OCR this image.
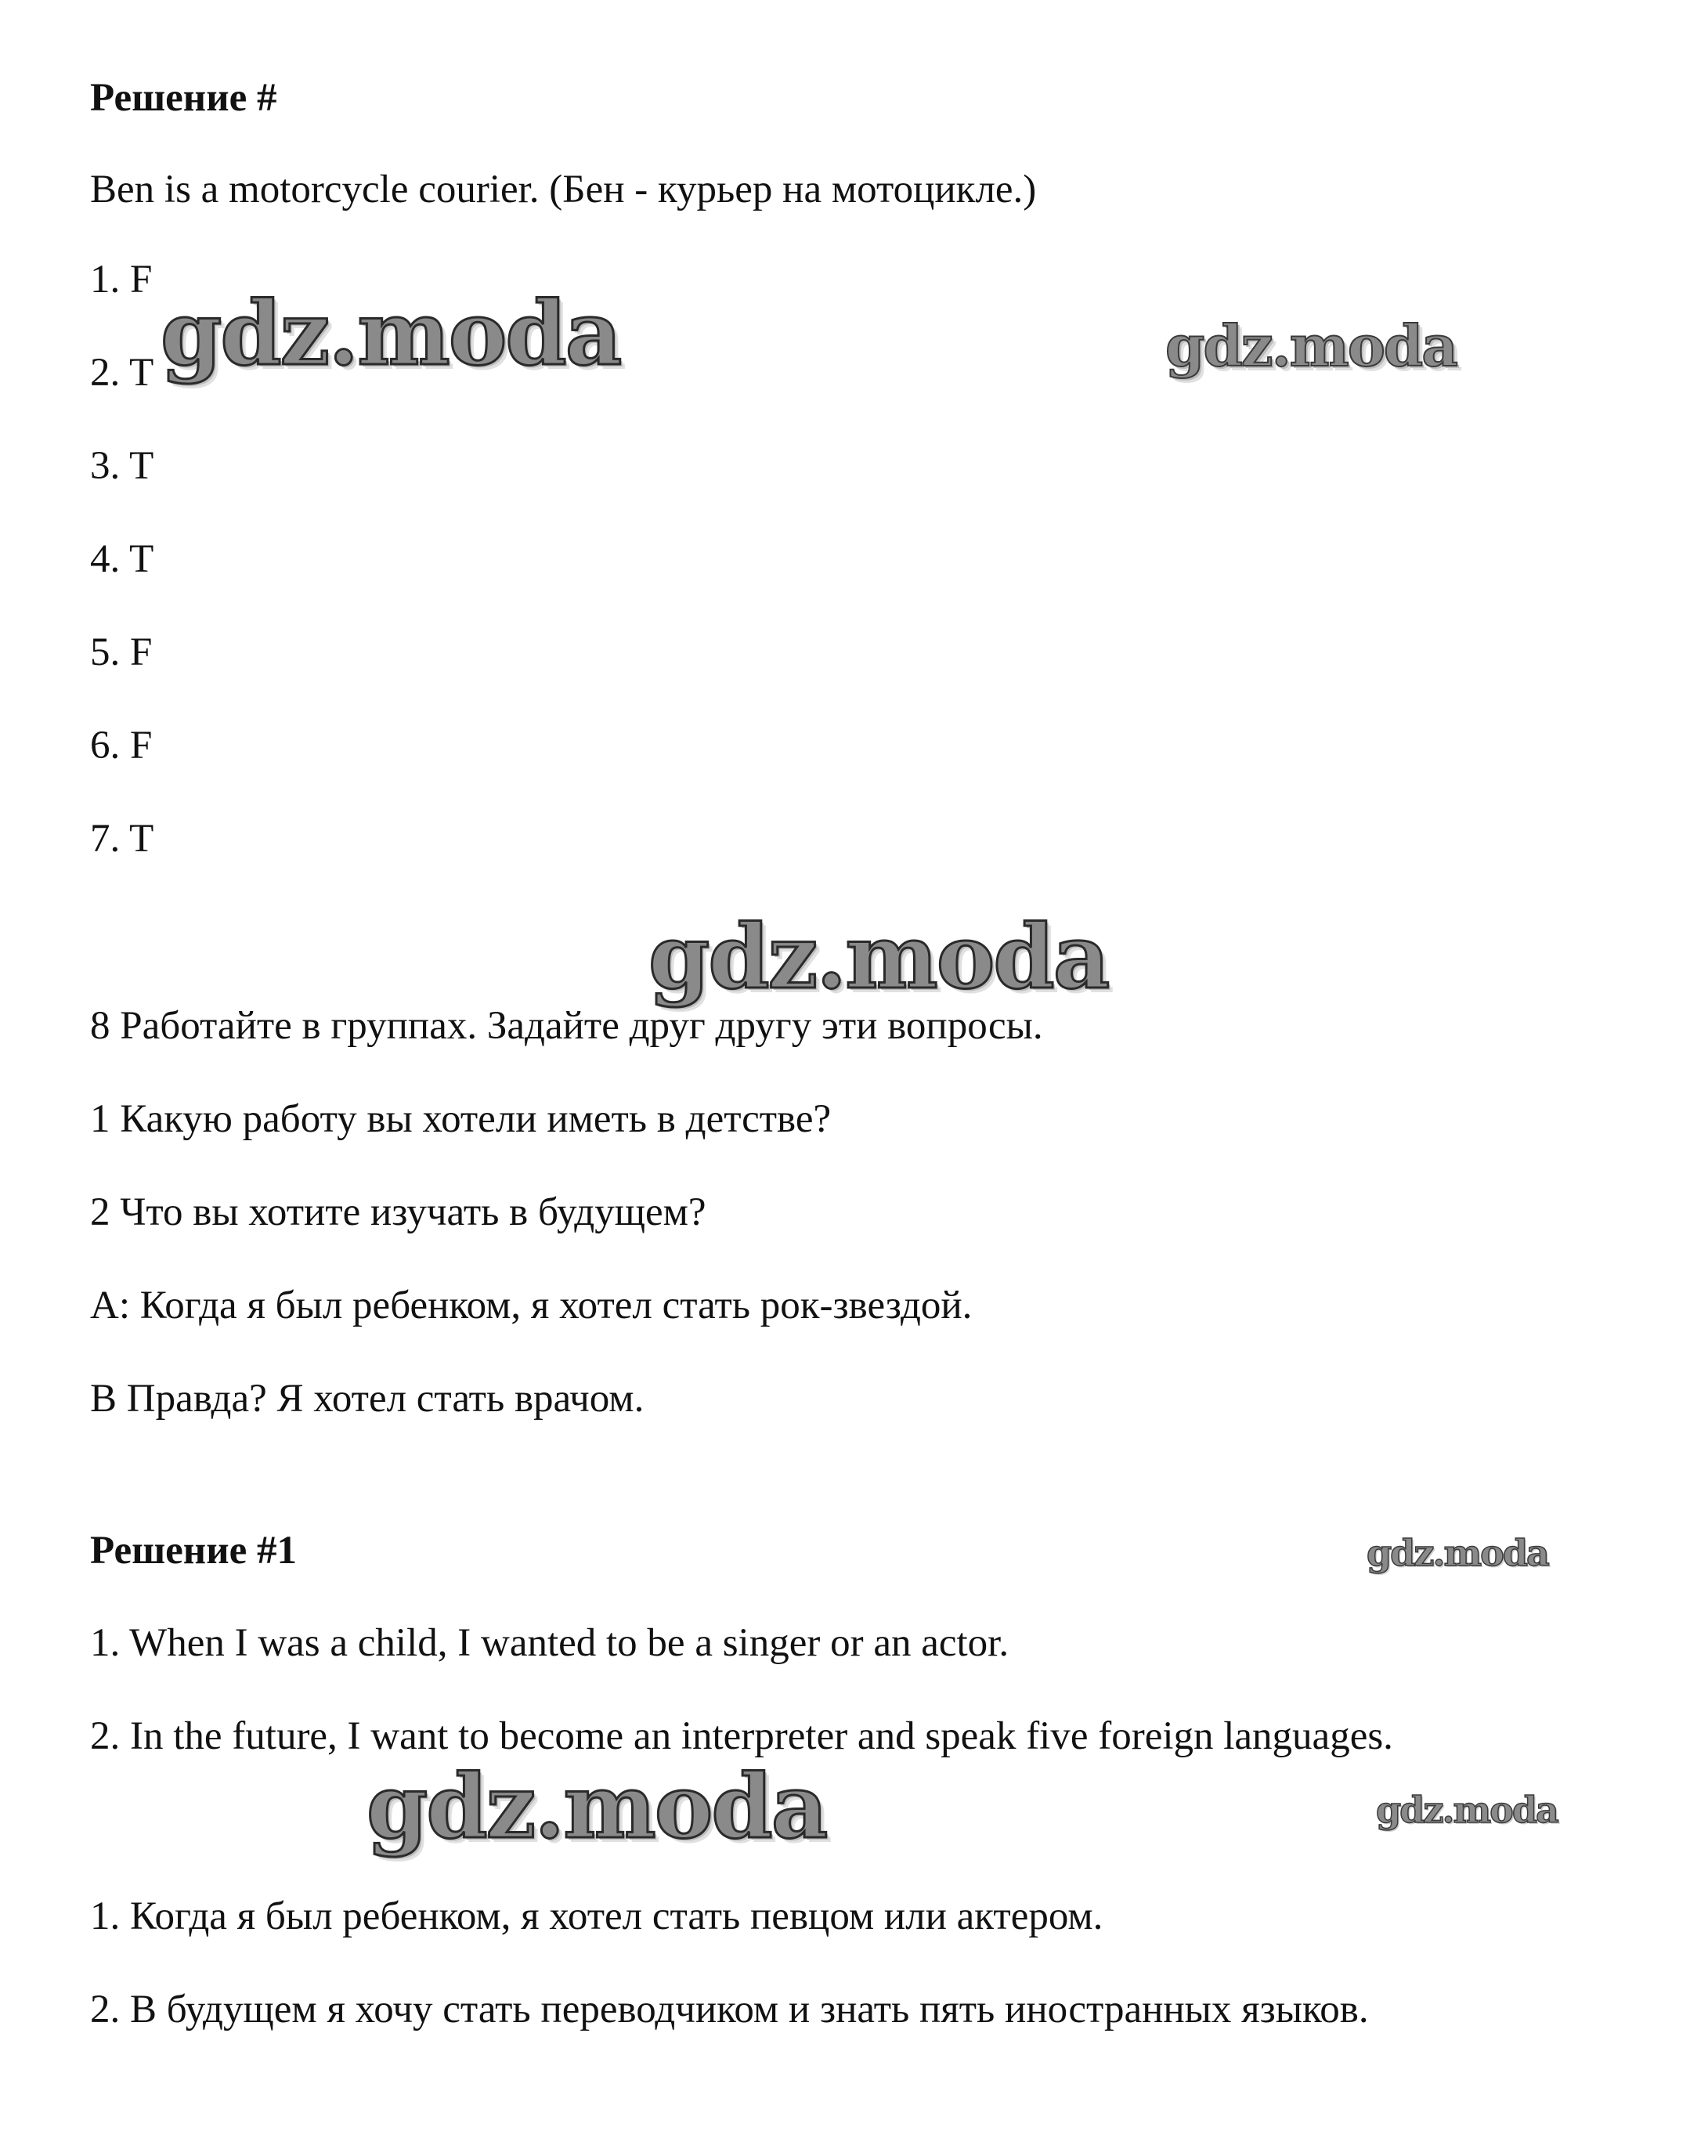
Решение #
Ben is a motorcycle courier. (Бен - курьер на мотоцикле.)
1. F
2. T
3. T
4. T
5. F
6. F
7. T
8 Работайте в группах. Задайте друг другу эти вопросы.
1 Какую работу вы хотели иметь в детстве?
2 Что вы хотите изучать в будущем?
A: Когда я был ребенком, я хотел стать рок-звездой.
В Правда? Я хотел стать врачом.
Решение #1
1. When I was a child, I wanted to be a singer or an actor.
2. In the future, I want to become an interpreter and speak five foreign languages.
1. Когда я был ребенком, я хотел стать певцом или актером.
2. В будущем я хочу стать переводчиком и знать пять иностранных языков.
gdz.moda	gdz.moda
gdz.moda
gdz.moda
gdz.moda	gdz.moda
